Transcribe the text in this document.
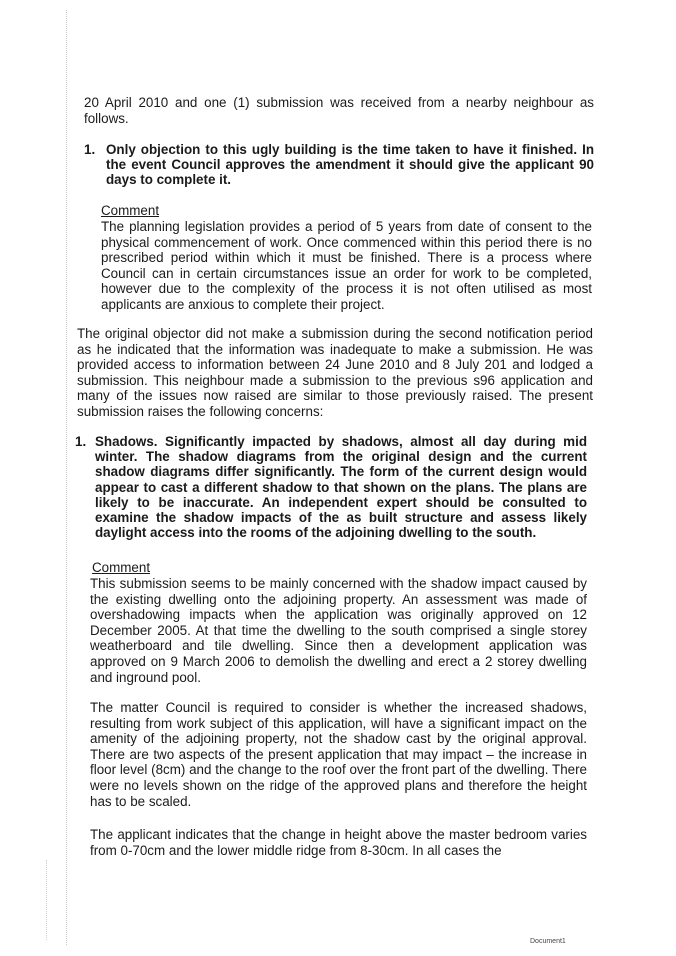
20 April 2010 and one (1) submission was received from a nearby neighbour as follows.

1. Only objection to this ugly building is the time taken to have it finished. In the event Council approves the amendment it should give the applicant 90 days to complete it.

Comment

The planning legislation provides a period of 5 years from date of consent to the physical commencement of work. Once commenced within this period there is no prescribed period within which it must be finished. There is a process where Council can in certain circumstances issue an order for work to be completed, however due to the complexity of the process it is not often utilised as most applicants are anxious to complete their project.

The original objector did not make a submission during the second notification period as he indicated that the information was inadequate to make a submission. He was provided access to information between 24 June 2010 and 8 July 201 and lodged a submission. This neighbour made a submission to the previous s96 application and many of the issues now raised are similar to those previously raised. The present submission raises the following concerns:

1. Shadows. Significantly impacted by shadows, almost all day during mid winter. The shadow diagrams from the original design and the current shadow diagrams differ significantly. The form of the current design would appear to cast a different shadow to that shown on the plans. The plans are likely to be inaccurate. An independent expert should be consulted to examine the shadow impacts of the as built structure and assess likely daylight access into the rooms of the adjoining dwelling to the south.

Comment

This submission seems to be mainly concerned with the shadow impact caused by the existing dwelling onto the adjoining property. An assessment was made of overshadowing impacts when the application was originally approved on 12 December 2005. At that time the dwelling to the south comprised a single storey weatherboard and tile dwelling. Since then a development application was approved on 9 March 2006 to demolish the dwelling and erect a 2 storey dwelling and inground pool.

The matter Council is required to consider is whether the increased shadows, resulting from work subject of this application, will have a significant impact on the amenity of the adjoining property, not the shadow cast by the original approval. There are two aspects of the present application that may impact – the increase in floor level (8cm) and the change to the roof over the front part of the dwelling. There were no levels shown on the ridge of the approved plans and therefore the height has to be scaled.

The applicant indicates that the change in height above the master bedroom varies from 0-70cm and the lower middle ridge from 8-30cm. In all cases the

Document1
